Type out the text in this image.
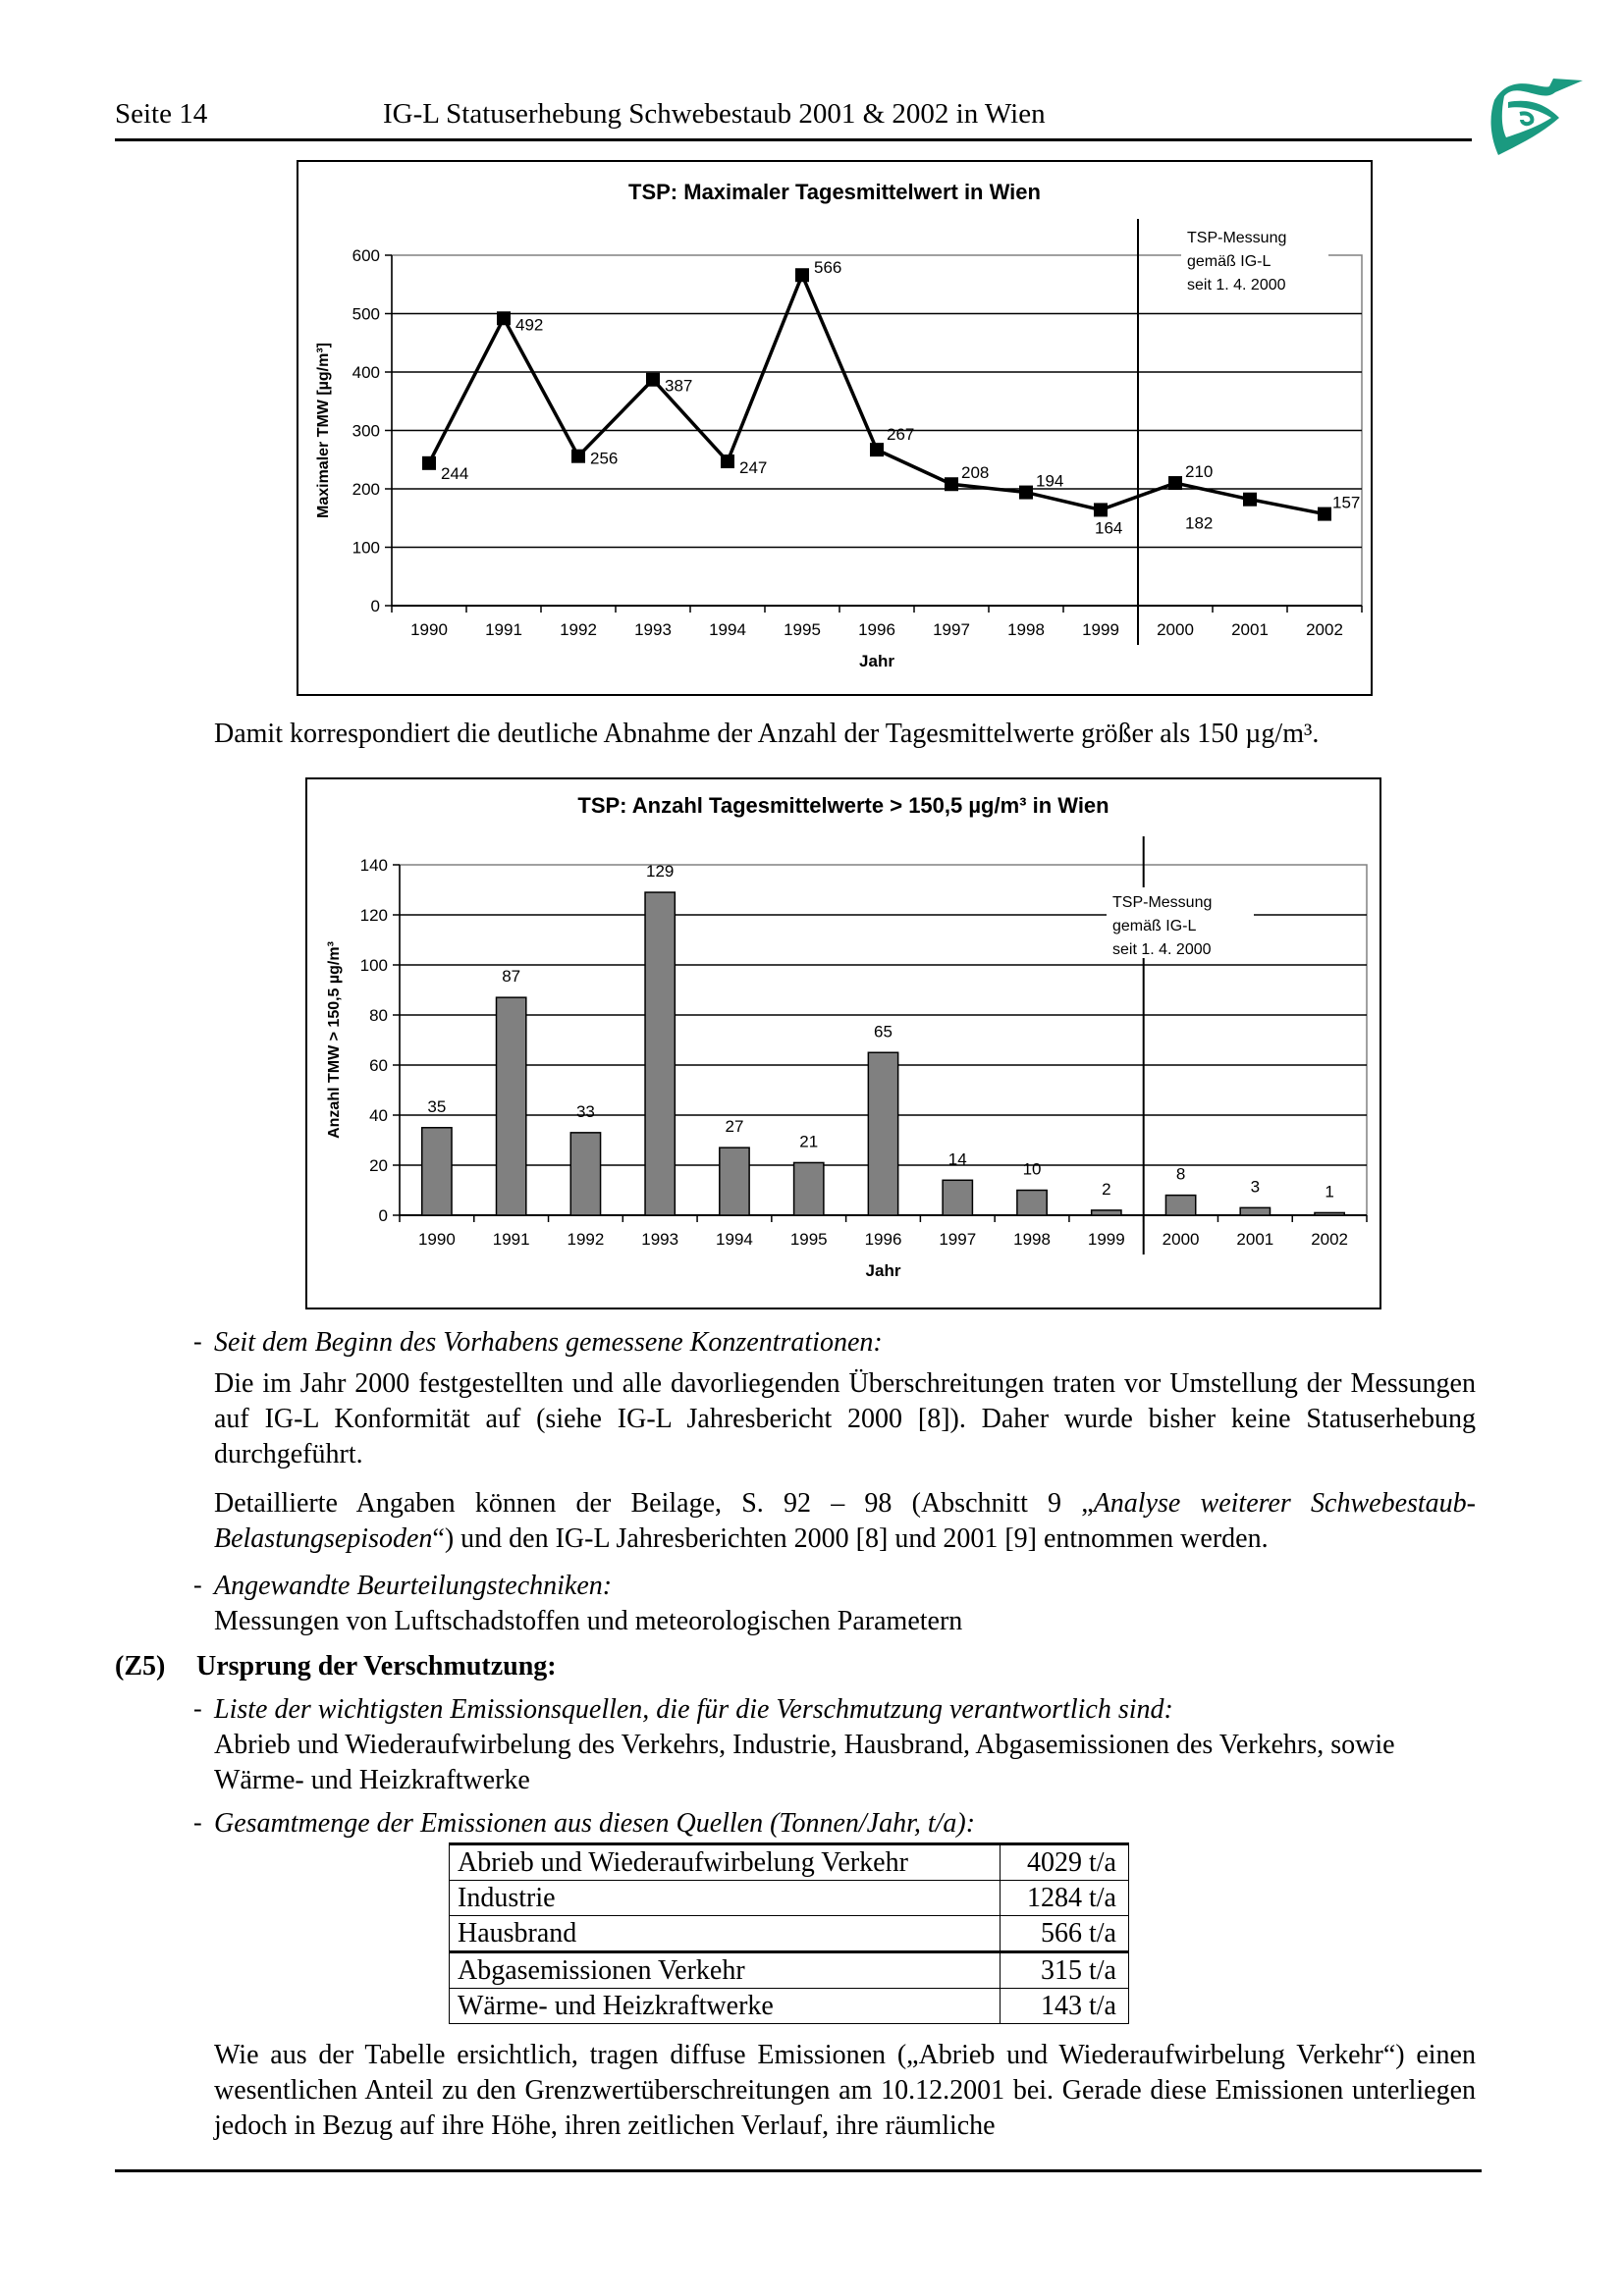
Seite 14	IG-L Statuserhebung Schwebestaub 2001 & 2002 in Wien
TSP: Maximaler Tagesmittelwert in Wien
0
100
200
300
400
500
600
1990 1991 1992 1993 1994 1995 1996 1997 1998 1999 2000 2001 2002
Jahr
Maximaler TMW [µg/m³]
TSP-Messung
gemäß IG-L
seit 1. 4. 2000
244
492
256
387
247
566
267
208	194
164
210
182
157
Damit korrespondiert die deutliche Abnahme der Anzahl der Tagesmittelwerte größer als 150 µg/m³.
TSP: Anzahl Tagesmittelwerte > 150,5 µg/m³ in Wien
0
20
40
60
80
100
120
140
1990 1991 1992 1993 1994 1995 1996 1997 1998 1999 2000 2001 2002
Jahr
Anzahl TMW > 150,5 µg/m³
TSP-Messung
gemäß IG-L
seit 1. 4. 2000
35
87
33
129
27
21
65
14
10
2
8
3	1
- Seit dem Beginn des Vorhabens gemessene Konzentrationen:
Die im Jahr 2000 festgestellten und alle davorliegenden Überschreitungen traten vor Umstellung der Messungen auf IG-L Konformität auf (siehe IG-L Jahresbericht 2000 [8]). Daher wurde bisher keine Statuserhebung durchgeführt.
Detaillierte Angaben können der Beilage, S. 92 – 98 (Abschnitt 9 „Analyse weiterer Schwebestaub-Belastungsepisoden“) und den IG-L Jahresberichten 2000 [8] und 2001 [9] entnommen werden.
- Angewandte Beurteilungstechniken:
Messungen von Luftschadstoffen und meteorologischen Parametern
(Z5) Ursprung der Verschmutzung:
- Liste der wichtigsten Emissionsquellen, die für die Verschmutzung verantwortlich sind:
Abrieb und Wiederaufwirbelung des Verkehrs, Industrie, Hausbrand, Abgasemissionen des Verkehrs, sowie Wärme- und Heizkraftwerke
- Gesamtmenge der Emissionen aus diesen Quellen (Tonnen/Jahr, t/a):
Abrieb und Wiederaufwirbelung Verkehr	4029 t/a
Industrie	1284 t/a
Hausbrand	566 t/a
Abgasemissionen Verkehr	315 t/a
Wärme- und Heizkraftwerke	143 t/a
Wie aus der Tabelle ersichtlich, tragen diffuse Emissionen („Abrieb und Wiederaufwirbelung Verkehr“) einen wesentlichen Anteil zu den Grenzwertüberschreitungen am 10.12.2001 bei. Gerade diese Emissionen unterliegen jedoch in Bezug auf ihre Höhe, ihren zeitlichen Verlauf, ihre räumliche
